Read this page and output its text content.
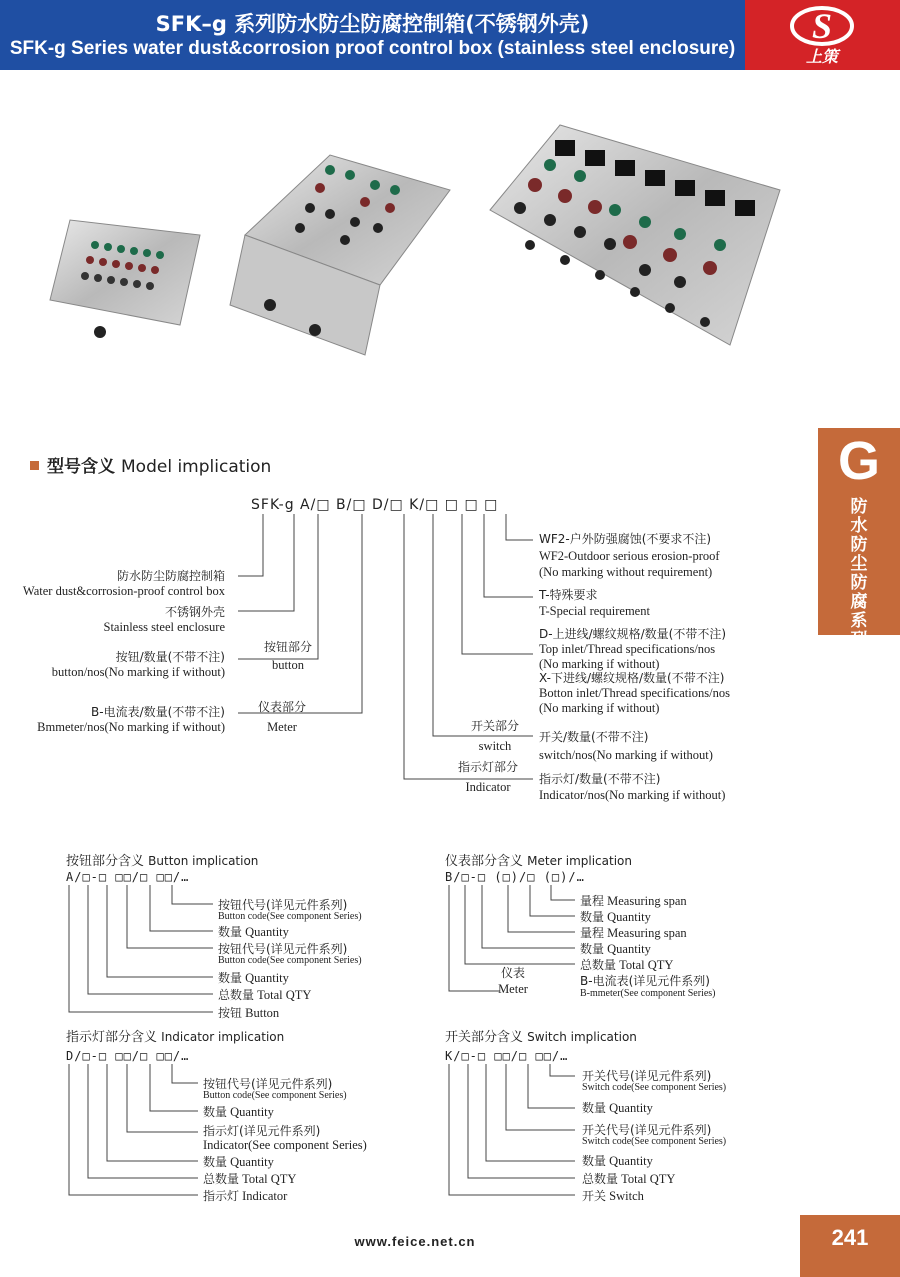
SFK–g 系列防水防尘防腐控制箱(不锈钢外壳)
SFK-g Series water dust&corrosion proof control box (stainless steel enclosure)
S
上策
G
防水防尘防腐系列
型号含义 Model implication
SFK-g A/□ B/□ D/□ K/□ □ □ □
防水防尘防腐控制箱
Water dust&corrosion-proof control box
不锈钢外壳
Stainless steel enclosure
按钮部分
button
按钮/数量(不带不注)
button/nos(No marking if without)
仪表部分
Meter
B-电流表/数量(不带不注)
Bmmeter/nos(No marking if without)
WF2-户外防强腐蚀(不要求不注)
WF2-Outdoor serious erosion-proof
(No marking without requirement)
T-特殊要求
T-Special requirement
D-上进线/螺纹规格/数量(不带不注)
Top inlet/Thread specifications/nos
(No marking if without)
X-下进线/螺纹规格/数量(不带不注)
Botton inlet/Thread specifications/nos
(No marking if without)
开关部分
switch
开关/数量(不带不注)
switch/nos(No marking if without)
指示灯部分
Indicator
指示灯/数量(不带不注)
Indicator/nos(No marking if without)
按钮部分含义 Button implication
A/□-□ □□/□ □□/…
按钮代号(详见元件系列)
Button code(See component Series)
数量 Quantity
按钮代号(详见元件系列)
Button code(See component Series)
数量 Quantity
总数量 Total QTY
按钮 Button
仪表部分含义 Meter implication
B/□-□ (□)/□ (□)/…
量程 Measuring span
数量 Quantity
量程 Measuring span
数量 Quantity
总数量 Total QTY
仪表
Meter
B-电流表(详见元件系列)
B-mmeter(See component Series)
指示灯部分含义 Indicator implication
D/□-□ □□/□ □□/…
按钮代号(详见元件系列)
Button code(See component Series)
数量 Quantity
指示灯(详见元件系列)
Indicator(See component Series)
数量 Quantity
总数量 Total QTY
指示灯 Indicator
开关部分含义 Switch implication
K/□-□ □□/□ □□/…
开关代号(详见元件系列)
Switch code(See component Series)
数量 Quantity
开关代号(详见元件系列)
Switch code(See component Series)
数量 Quantity
总数量 Total QTY
开关 Switch
www.feice.net.cn	241
